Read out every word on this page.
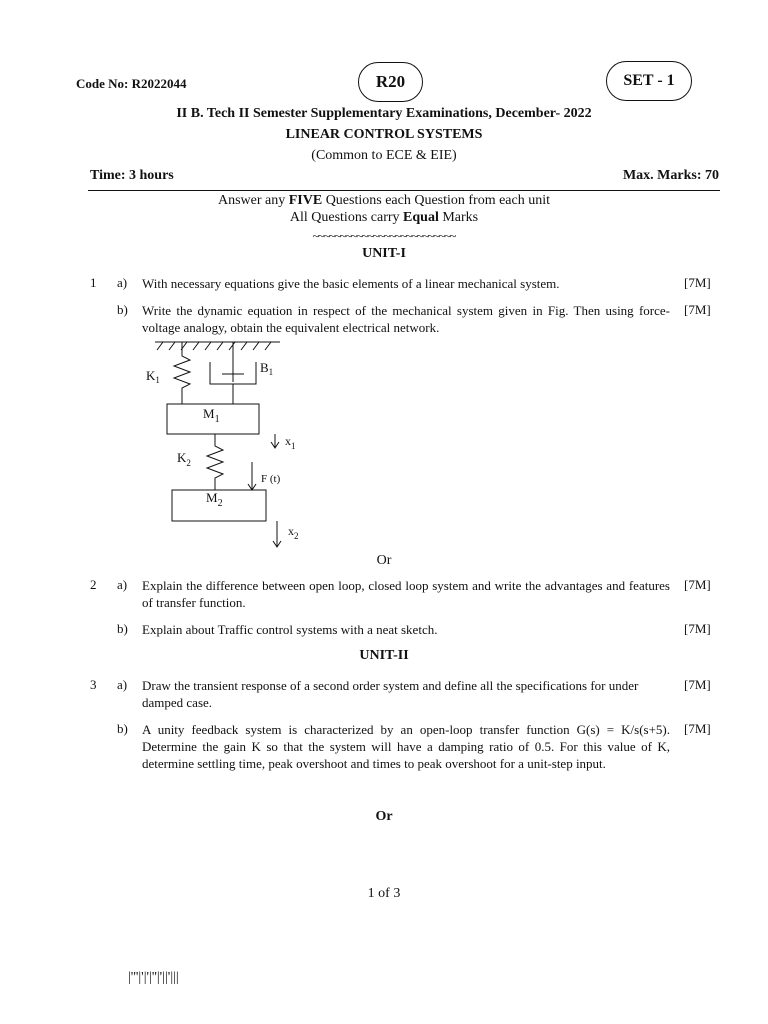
Code No: R2022044	R20	SET - 1
II B. Tech II Semester Supplementary Examinations, December- 2022
LINEAR CONTROL SYSTEMS
(Common to ECE & EIE)
Time: 3 hours	Max. Marks: 70
Answer any FIVE Questions each Question from each unit
All Questions carry Equal Marks
~~~~~~~~~~~~~~~~~~~~~~~~~~
UNIT-I
1 a) With necessary equations give the basic elements of a linear mechanical system.	[7M]
b) Write the dynamic equation in respect of the mechanical system given in Fig. Then using force-voltage analogy, obtain the equivalent electrical network.
[7M]
$K_1$
$B_1$
$M_1$
$x_1$
$K_2$
F (t)
$M_2$
$x_2$
Or
2 a) Explain the difference between open loop, closed loop system and write the advantages and features of transfer function.
[7M]
b) Explain about Traffic control systems with a neat sketch.	[7M]
UNIT-II
3 a) Draw the transient response of a second order system and define all the specifications for under damped case.
[7M]
b) A unity feedback system is characterized by an open-loop transfer function G(s) = K/s(s+5). Determine the gain K so that the system will have a damping ratio of 0.5. For this value of K, determine settling time, peak overshoot and times to peak overshoot for a unit-step input.
[7M]
Or
1 of 3
|'''|'|'|''|'||'|||
